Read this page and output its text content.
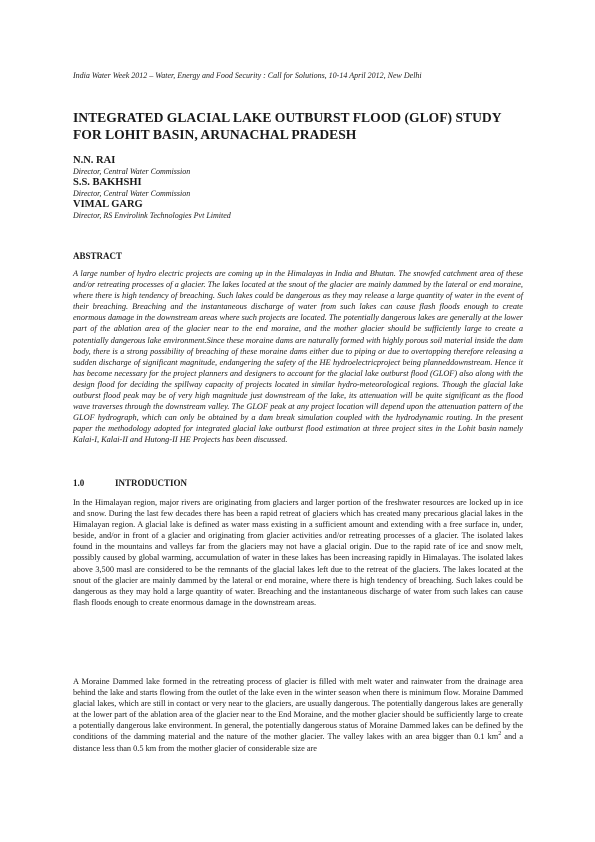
India Water Week 2012 – Water, Energy and Food Security : Call for Solutions, 10-14 April 2012, New Delhi
INTEGRATED GLACIAL LAKE OUTBURST FLOOD (GLOF) STUDY FOR LOHIT BASIN, ARUNACHAL PRADESH
N.N. RAI
Director, Central Water Commission
S.S. BAKHSHI
Director, Central Water Commission
VIMAL GARG
Director, RS Envirolink Technologies Pvt Limited
ABSTRACT

A large number of hydro electric projects are coming up in the Himalayas in India and Bhutan. The snowfed catchment area of these and/or retreating processes of a glacier. The lakes located at the snout of the glacier are mainly dammed by the lateral or end moraine, where there is high tendency of breaching. Such lakes could be dangerous as they may release a large quantity of water in the event of their breaching. Breaching and the instantaneous discharge of water from such lakes can cause flash floods enough to create enormous damage in the downstream areas where such projects are located. The potentially dangerous lakes are generally at the lower part of the ablation area of the glacier near to the end moraine, and the mother glacier should be sufficiently large to create a potentially dangerous lake environment.Since these moraine dams are naturally formed with highly porous soil material inside the dam body, there is a strong possibility of breaching of these moraine dams either due to piping or due to overtopping therefore releasing a sudden discharge of significant magnitude, endangering the safety of the HE hydroelectricproject being planneddownstream. Hence it has become necessary for the project planners and designers to account for the glacial lake outburst flood (GLOF) also along with the design flood for deciding the spillway capacity of projects located in similar hydro-meteorological regions. Though the glacial lake outburst flood peak may be of very high magnitude just downstream of the lake, its attenuation will be quite significant as the flood wave traverses through the downstream valley. The GLOF peak at any project location will depend upon the attenuation pattern of the GLOF hydrograph, which can only be obtained by a dam break simulation coupled with the hydrodynamic routing. In the present paper the methodology adopted for integrated glacial lake outburst flood estimation at three project sites in the Lohit basin namely Kalai-I, Kalai-II and Hutong-II HE Projects has been discussed.

1.0	INTRODUCTION

In the Himalayan region, major rivers are originating from glaciers and larger portion of the freshwater resources are locked up in ice and snow. During the last few decades there has been a rapid retreat of glaciers which has created many precarious glacial lakes in the Himalayan region. A glacial lake is defined as water mass existing in a sufficient amount and extending with a free surface in, under, beside, and/or in front of a glacier and originating from glacier activities and/or retreating processes of a glacier. The isolated lakes found in the mountains and valleys far from the glaciers may not have a glacial origin. Due to the rapid rate of ice and snow melt, possibly caused by global warming, accumulation of water in these lakes has been increasing rapidly in Himalayas. The isolated lakes above 3,500 masl are considered to be the remnants of the glacial lakes left due to the retreat of the glaciers. The lakes located at the snout of the glacier are mainly dammed by the lateral or end moraine, where there is high tendency of breaching. Such lakes could be dangerous as they may hold a large quantity of water. Breaching and the instantaneous discharge of water from such lakes can cause flash floods enough to create enormous damage in the downstream areas.

A Moraine Dammed lake formed in the retreating process of glacier is filled with melt water and rainwater from the drainage area behind the lake and starts flowing from the outlet of the lake even in the winter season when there is minimum flow. Moraine Dammed glacial lakes, which are still in contact or very near to the glaciers, are usually dangerous. The potentially dangerous lakes are generally at the lower part of the ablation area of the glacier near to the End Moraine, and the mother glacier should be sufficiently large to create a potentially dangerous lake environment. In general, the potentially dangerous status of Moraine Dammed lakes can be defined by the conditions of the damming material and the nature of the mother glacier. The valley lakes with an area bigger than 0.1 $km^2$ and a distance less than 0.5 km from the mother glacier of considerable size are
